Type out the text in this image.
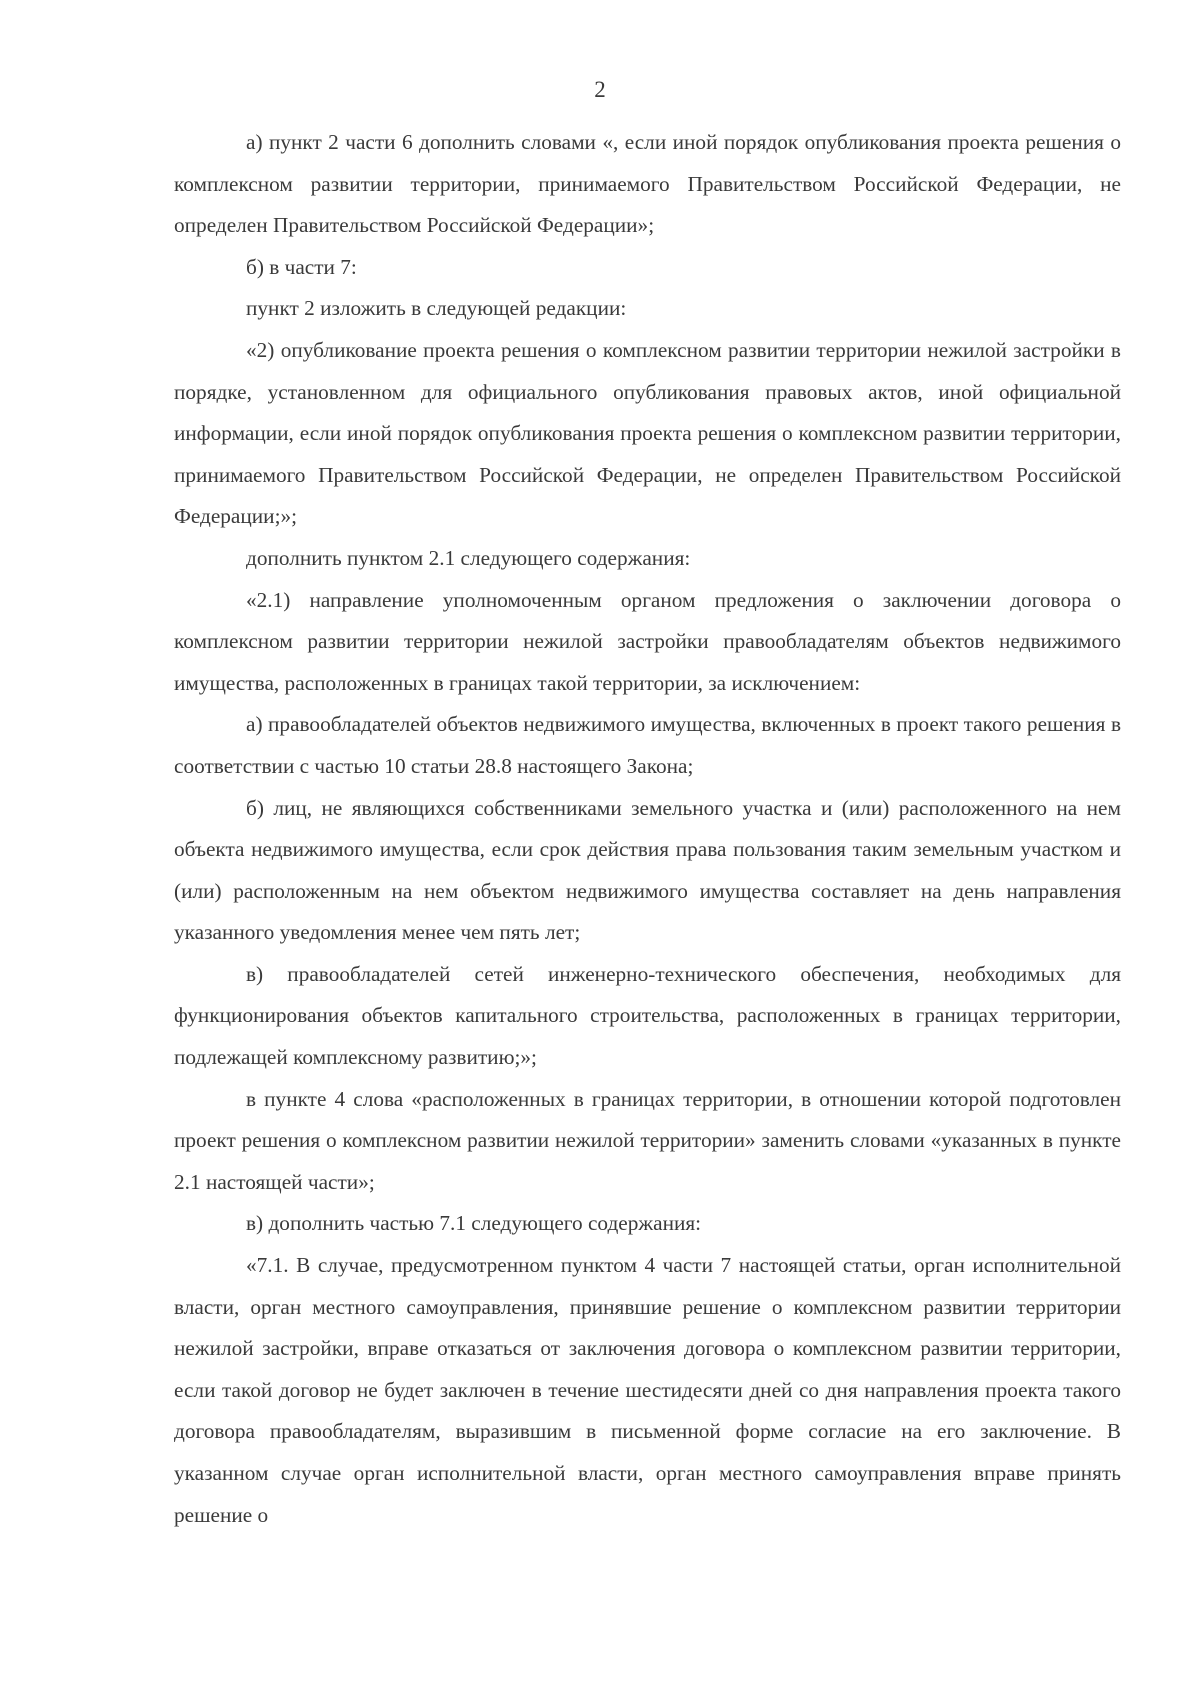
2

а) пункт 2 части 6 дополнить словами «, если иной порядок опубликования проекта решения о комплексном развитии территории, принимаемого Правительством Российской Федерации, не определен Правительством Российской Федерации»;

б) в части 7:

пункт 2 изложить в следующей редакции:

«2) опубликование проекта решения о комплексном развитии территории нежилой застройки в порядке, установленном для официального опубликования правовых актов, иной официальной информации, если иной порядок опубликования проекта решения о комплексном развитии территории, принимаемого Правительством Российской Федерации, не определен Правительством Российской Федерации;»;

дополнить пунктом 2.1 следующего содержания:

«2.1) направление уполномоченным органом предложения о заключении договора о комплексном развитии территории нежилой застройки правообладателям объектов недвижимого имущества, расположенных в границах такой территории, за исключением:

а) правообладателей объектов недвижимого имущества, включенных в проект такого решения в соответствии с частью 10 статьи 28.8 настоящего Закона;

б) лиц, не являющихся собственниками земельного участка и (или) расположенного на нем объекта недвижимого имущества, если срок действия права пользования таким земельным участком и (или) расположенным на нем объектом недвижимого имущества составляет на день направления указанного уведомления менее чем пять лет;

в) правообладателей сетей инженерно-технического обеспечения, необходимых для функционирования объектов капитального строительства, расположенных в границах территории, подлежащей комплексному развитию;»;

в пункте 4 слова «расположенных в границах территории, в отношении которой подготовлен проект решения о комплексном развитии нежилой территории» заменить словами «указанных в пункте 2.1 настоящей части»;

в) дополнить частью 7.1 следующего содержания:

«7.1. В случае, предусмотренном пунктом 4 части 7 настоящей статьи, орган исполнительной власти, орган местного самоуправления, принявшие решение о комплексном развитии территории нежилой застройки, вправе отказаться от заключения договора о комплексном развитии территории, если такой договор не будет заключен в течение шестидесяти дней со дня направления проекта такого договора правообладателям, выразившим в письменной форме согласие на его заключение. В указанном случае орган исполнительной власти, орган местного самоуправления вправе принять решение о
